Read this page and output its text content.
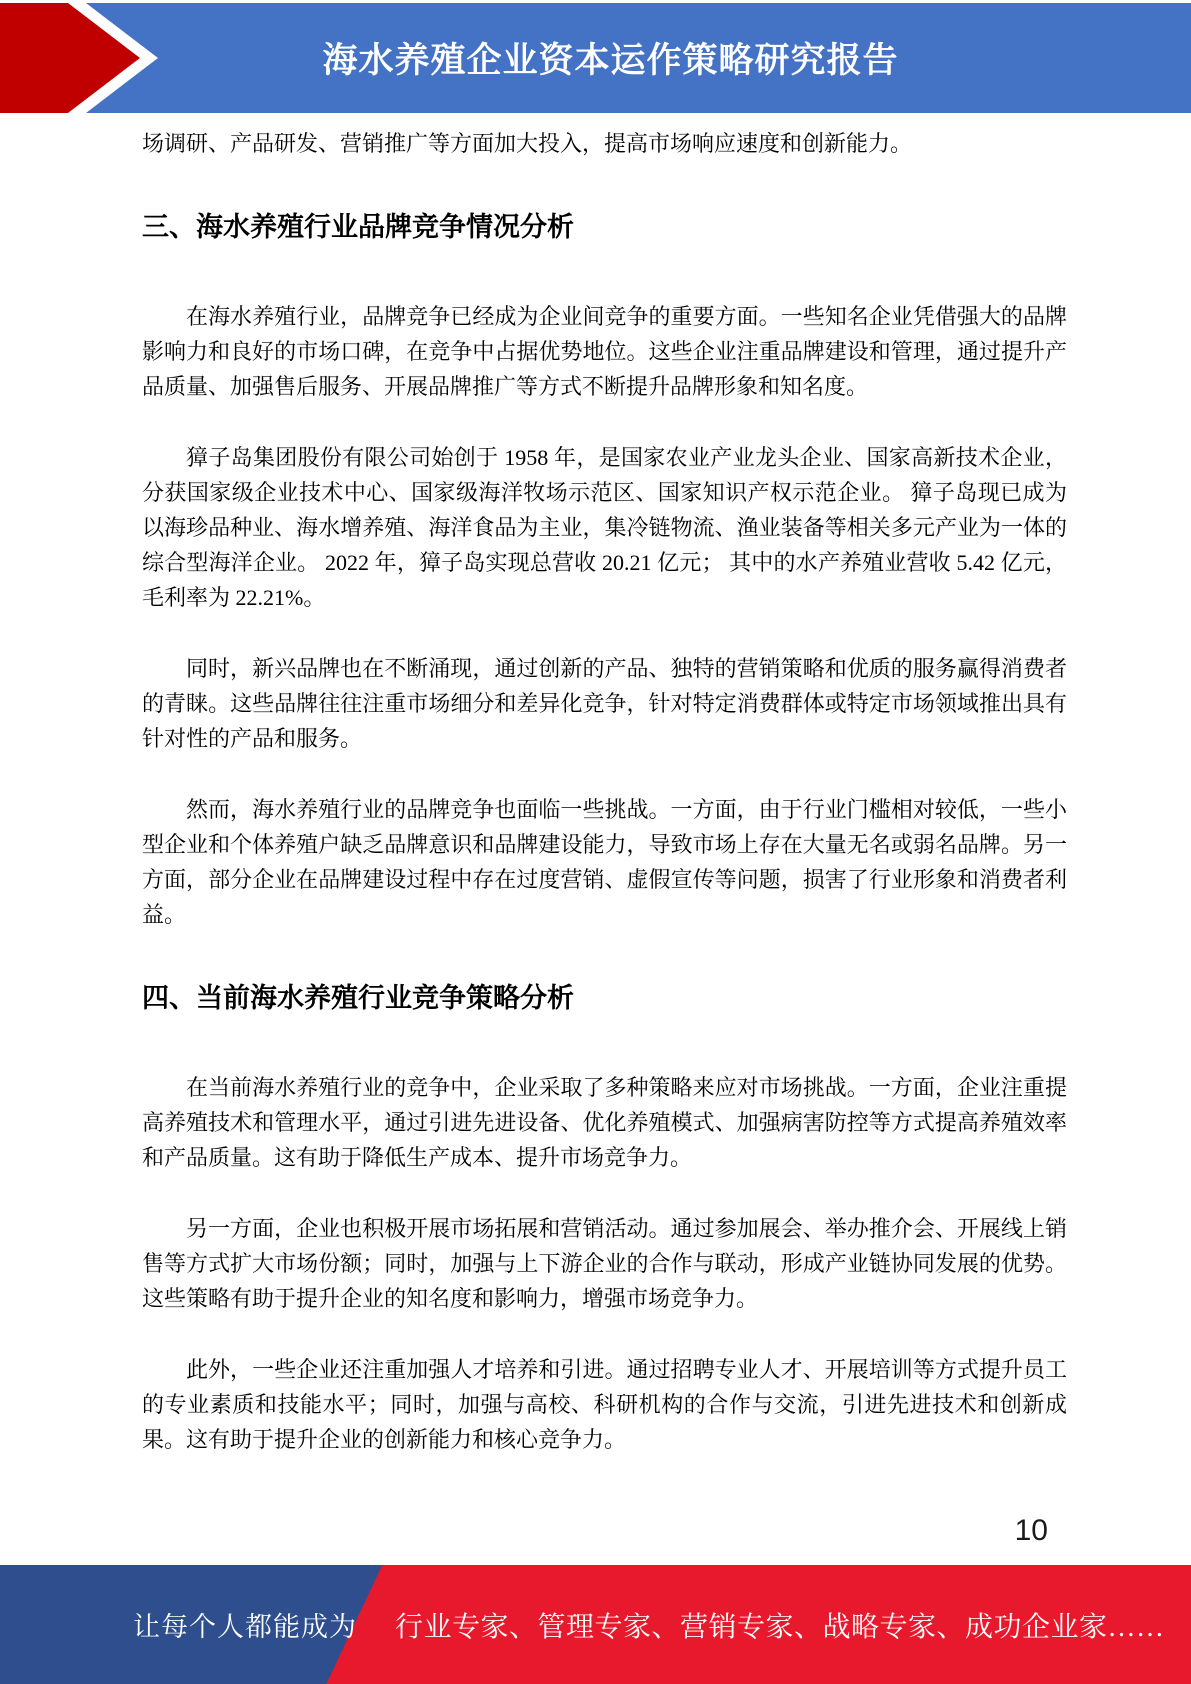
海水养殖企业资本运作策略研究报告

场调研、产品研发、营销推广等方面加大投入，提高市场响应速度和创新能力。

三、海水养殖行业品牌竞争情况分析

在海水养殖行业，品牌竞争已经成为企业间竞争的重要方面。一些知名企业凭借强大的品牌影响力和良好的市场口碑，在竞争中占据优势地位。这些企业注重品牌建设和管理，通过提升产品质量、加强售后服务、开展品牌推广等方式不断提升品牌形象和知名度。

獐子岛集团股份有限公司始创于 1958 年，是国家农业产业龙头企业、国家高新技术企业，分获国家级企业技术中心、国家级海洋牧场示范区、国家知识产权示范企业。 獐子岛现已成为以海珍品种业、海水增养殖、海洋食品为主业，集冷链物流、渔业装备等相关多元产业为一体的综合型海洋企业。 2022 年，獐子岛实现总营收 20.21 亿元； 其中的水产养殖业营收 5.42 亿元，毛利率为 22.21%。

同时，新兴品牌也在不断涌现，通过创新的产品、独特的营销策略和优质的服务赢得消费者的青睐。这些品牌往往注重市场细分和差异化竞争，针对特定消费群体或特定市场领域推出具有针对性的产品和服务。

然而，海水养殖行业的品牌竞争也面临一些挑战。一方面，由于行业门槛相对较低，一些小型企业和个体养殖户缺乏品牌意识和品牌建设能力，导致市场上存在大量无名或弱名品牌。另一方面，部分企业在品牌建设过程中存在过度营销、虚假宣传等问题，损害了行业形象和消费者利益。

四、当前海水养殖行业竞争策略分析

在当前海水养殖行业的竞争中，企业采取了多种策略来应对市场挑战。一方面，企业注重提高养殖技术和管理水平，通过引进先进设备、优化养殖模式、加强病害防控等方式提高养殖效率和产品质量。这有助于降低生产成本、提升市场竞争力。

另一方面，企业也积极开展市场拓展和营销活动。通过参加展会、举办推介会、开展线上销售等方式扩大市场份额；同时，加强与上下游企业的合作与联动，形成产业链协同发展的优势。这些策略有助于提升企业的知名度和影响力，增强市场竞争力。

此外，一些企业还注重加强人才培养和引进。通过招聘专业人才、开展培训等方式提升员工的专业素质和技能水平；同时，加强与高校、科研机构的合作与交流，引进先进技术和创新成果。这有助于提升企业的创新能力和核心竞争力。

10
让每个人都能成为 行业专家、管理专家、营销专家、战略专家、成功企业家……
